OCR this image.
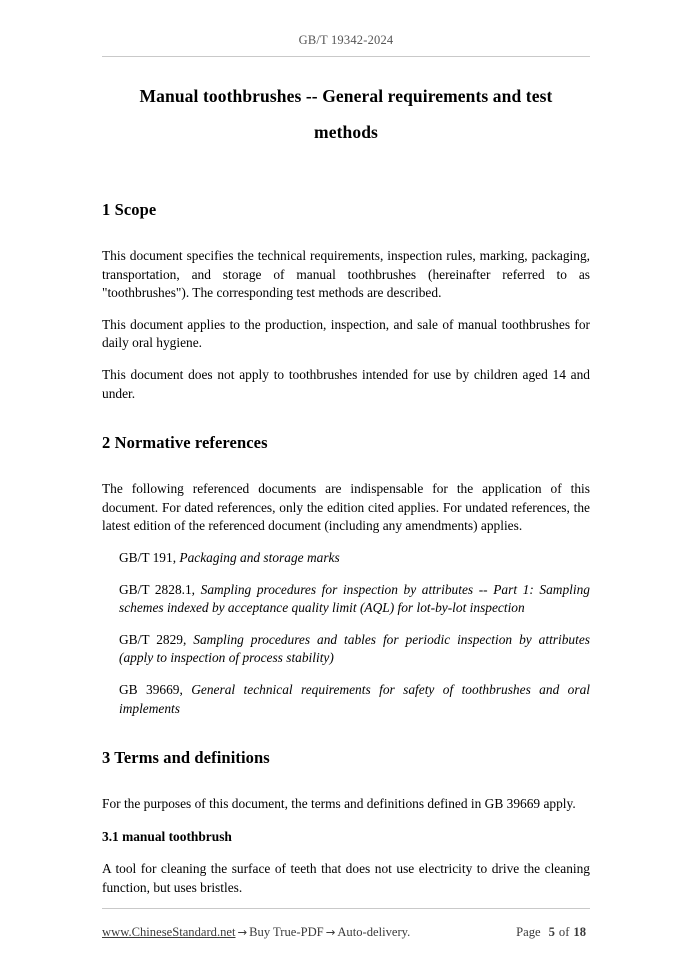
GB/T 19342-2024
Manual toothbrushes -- General requirements and test
methods
1 Scope

This document specifies the technical requirements, inspection rules, marking, packaging, transportation, and storage of manual toothbrushes (hereinafter referred to as "toothbrushes"). The corresponding test methods are described.

This document applies to the production, inspection, and sale of manual toothbrushes for daily oral hygiene.

This document does not apply to toothbrushes intended for use by children aged 14 and under.

2 Normative references

The following referenced documents are indispensable for the application of this document. For dated references, only the edition cited applies. For undated references, the latest edition of the referenced document (including any amendments) applies.

GB/T 191, Packaging and storage marks

GB/T 2828.1, Sampling procedures for inspection by attributes -- Part 1: Sampling schemes indexed by acceptance quality limit (AQL) for lot-by-lot inspection

GB/T 2829, Sampling procedures and tables for periodic inspection by attributes (apply to inspection of process stability)

GB 39669, General technical requirements for safety of toothbrushes and oral implements

3 Terms and definitions

For the purposes of this document, the terms and definitions defined in GB 39669 apply.

3.1 manual toothbrush

A tool for cleaning the surface of teeth that does not use electricity to drive the cleaning function, but uses bristles.

www.ChineseStandard.net → Buy True-PDF → Auto-delivery.	Page 5 of 18
